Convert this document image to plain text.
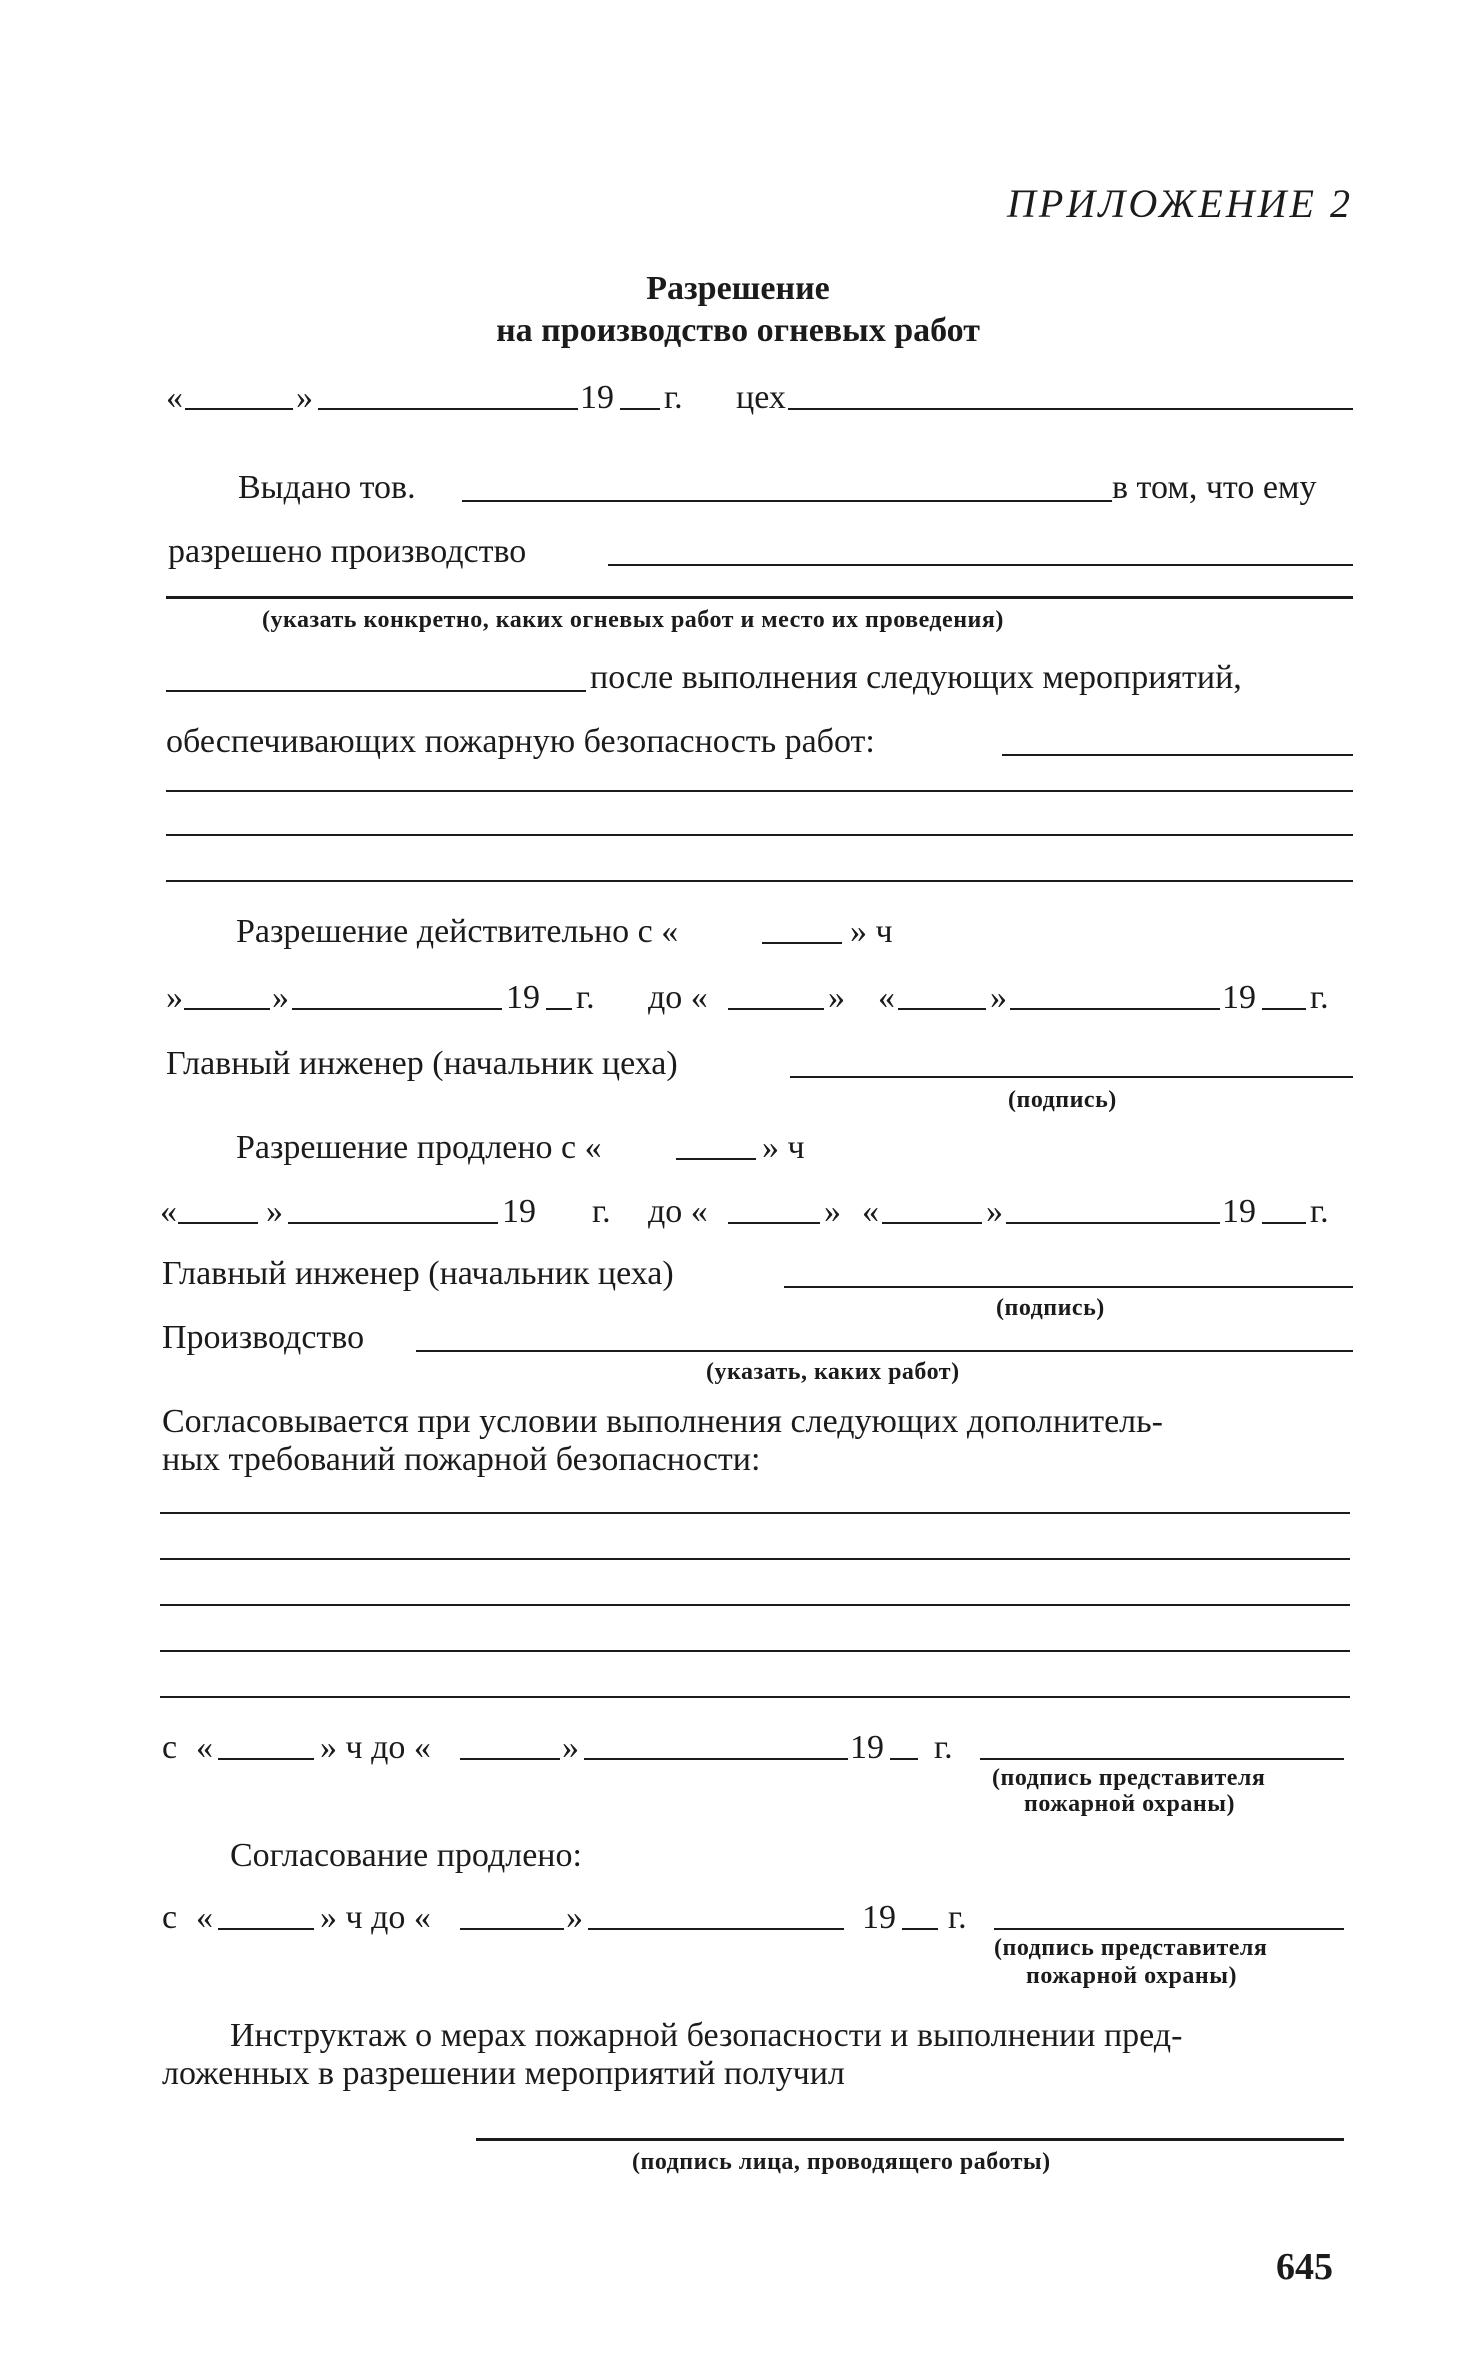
ПРИЛОЖЕНИЕ 2
Разрешение
на производство огневых работ
«	»	19 г. цех
Выдано тов.	в том, что ему
разрешено производство
(указать конкретно, каких огневых работ и место их проведения)
после выполнения следующих мероприятий,
обеспечивающих пожарную безопасность работ:
Разрешение действительно с «	» ч
»	»	19 г. до «	» «	»	19 г.
Главный инженер (начальник цеха)
(подпись)
Разрешение продлено с «	» ч
«	»	19 г. до «	» «	»	19 г.
Главный инженер (начальник цеха)
(подпись)
Производство
(указать, каких работ)
Согласовывается при условии выполнения следующих дополнитель-
ных требований пожарной безопасности:
с «	» ч до «	»	19 г.
(подпись представителя
пожарной охраны)
Согласование продлено:
с «	» ч до «	»	19 г.
(подпись представителя
пожарной охраны)
Инструктаж о мерах пожарной безопасности и выполнении пред-
ложенных в разрешении мероприятий получил
(подпись лица, проводящего работы)
645
